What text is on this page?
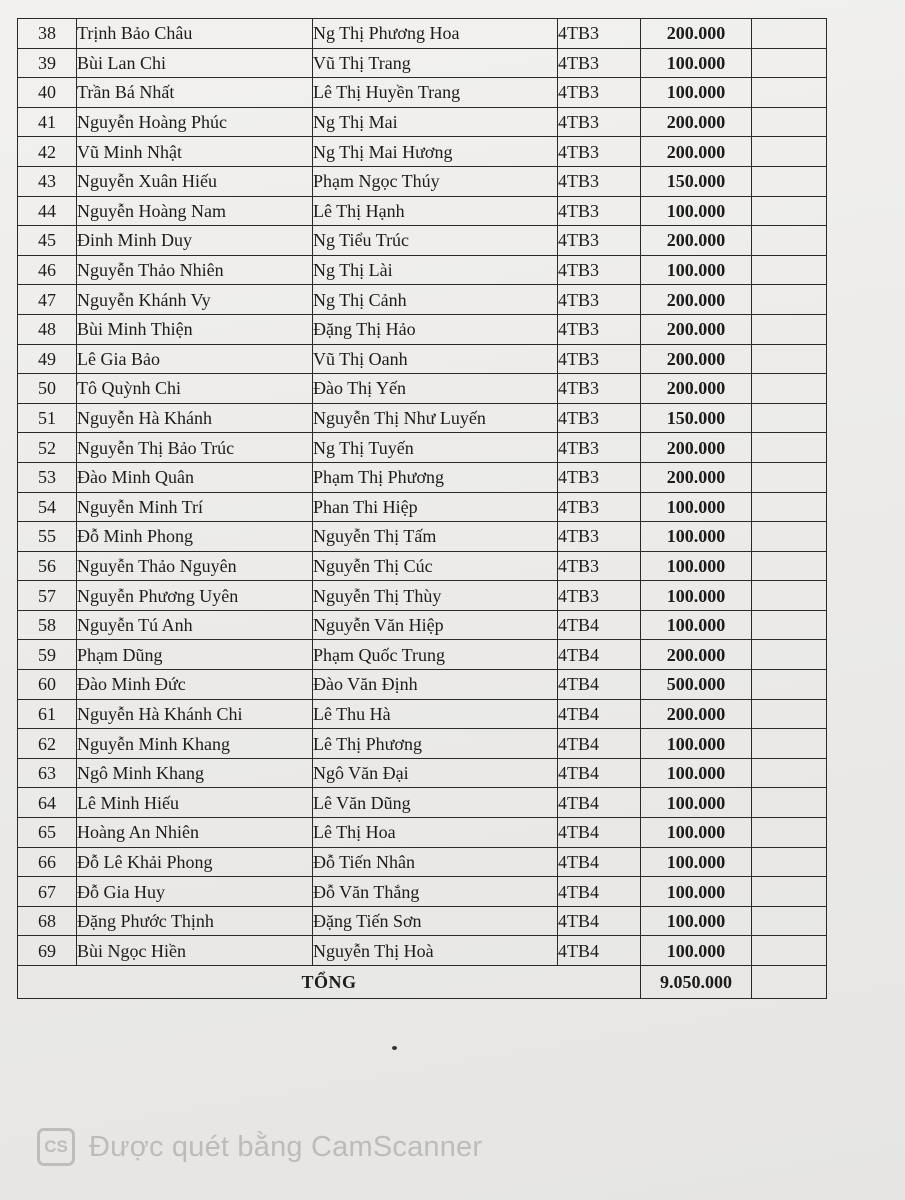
38	Trịnh Bảo Châu	Ng Thị Phương Hoa	4TB3	200.000	
39	Bùi Lan Chi	Vũ Thị Trang	4TB3	100.000	
40	Trần Bá Nhất	Lê Thị Huyền Trang	4TB3	100.000	
41	Nguyễn Hoàng Phúc	Ng Thị Mai	4TB3	200.000	
42	Vũ Minh Nhật	Ng Thị Mai Hương	4TB3	200.000	
43	Nguyễn Xuân Hiếu	Phạm Ngọc Thúy	4TB3	150.000	
44	Nguyễn Hoàng Nam	Lê Thị Hạnh	4TB3	100.000	
45	Đinh Minh Duy	Ng Tiểu Trúc	4TB3	200.000	
46	Nguyễn Thảo Nhiên	Ng Thị Lài	4TB3	100.000	
47	Nguyễn Khánh Vy	Ng Thị Cảnh	4TB3	200.000	
48	Bùi Minh Thiện	Đặng Thị Hảo	4TB3	200.000	
49	Lê Gia Bảo	Vũ Thị Oanh	4TB3	200.000	
50	Tô Quỳnh Chi	Đào Thị Yến	4TB3	200.000	
51	Nguyễn Hà Khánh	Nguyễn Thị Như Luyến	4TB3	150.000	
52	Nguyễn Thị Bảo Trúc	Ng Thị Tuyến	4TB3	200.000	
53	Đào Minh Quân	Phạm Thị Phương	4TB3	200.000	
54	Nguyễn Minh Trí	Phan Thi Hiệp	4TB3	100.000	
55	Đỗ Minh Phong	Nguyễn Thị Tấm	4TB3	100.000	
56	Nguyễn Thảo Nguyên	Nguyễn Thị Cúc	4TB3	100.000	
57	Nguyễn Phương Uyên	Nguyễn Thị Thùy	4TB3	100.000	
58	Nguyễn Tú Anh	Nguyễn Văn Hiệp	4TB4	100.000	
59	Phạm Dũng	Phạm Quốc Trung	4TB4	200.000	
60	Đào Minh Đức	Đào Văn Định	4TB4	500.000	
61	Nguyễn Hà Khánh Chi	Lê Thu Hà	4TB4	200.000	
62	Nguyễn Minh Khang	Lê Thị Phương	4TB4	100.000	
63	Ngô Minh Khang	Ngô Văn Đại	4TB4	100.000	
64	Lê Minh Hiếu	Lê Văn Dũng	4TB4	100.000	
65	Hoàng An Nhiên	Lê Thị Hoa	4TB4	100.000	
66	Đỗ Lê Khải Phong	Đỗ Tiến Nhân	4TB4	100.000	
67	Đỗ Gia Huy	Đỗ Văn Thắng	4TB4	100.000	
68	Đặng Phước Thịnh	Đặng Tiến Sơn	4TB4	100.000	
69	Bùi Ngọc Hiền	Nguyễn Thị Hoà	4TB4	100.000	
TỔNG				9.050.000	
CS Được quét bằng CamScanner
